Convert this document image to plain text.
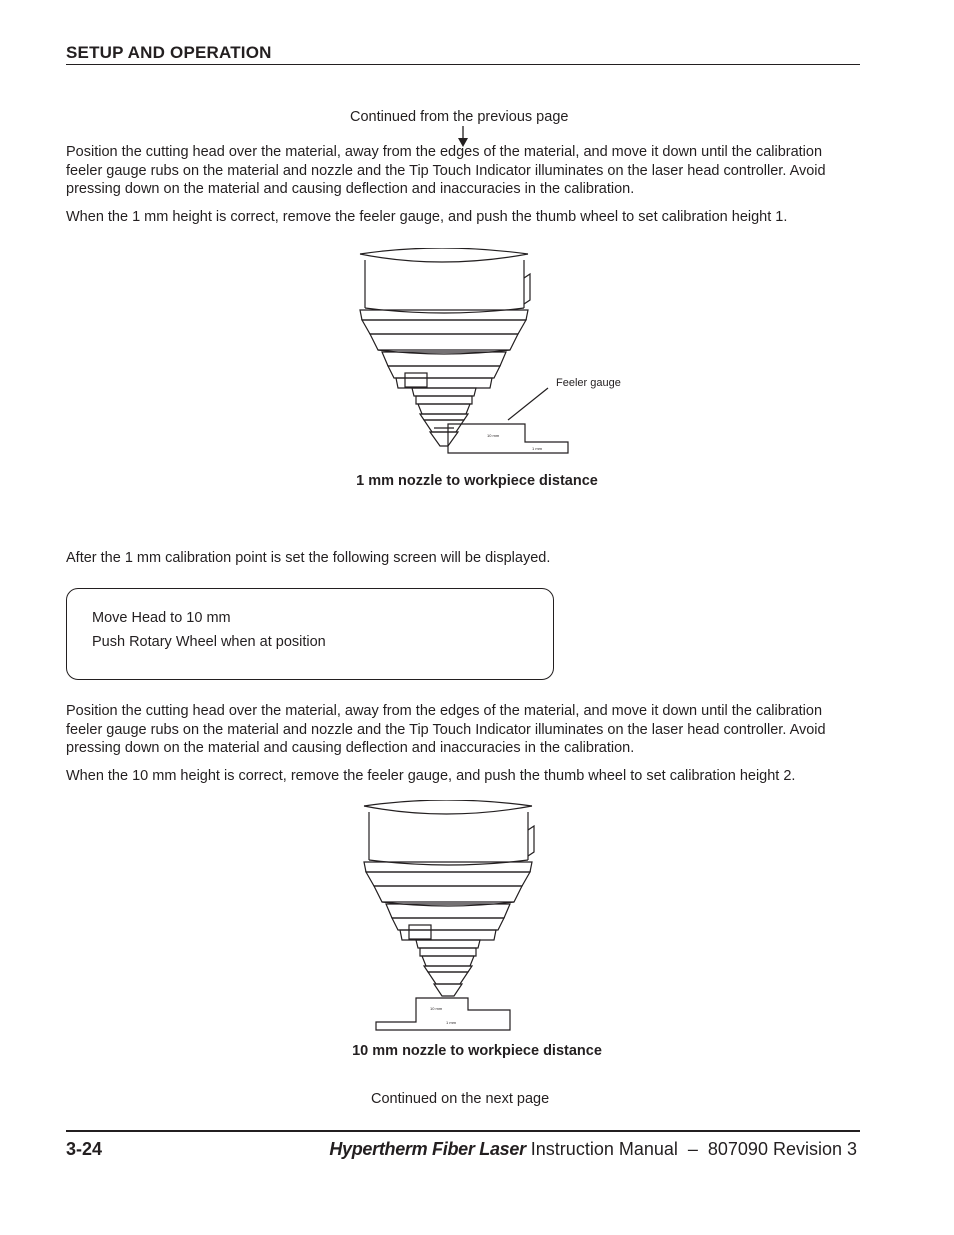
SETUP AND OPERATION
Continued from the previous page
Position the cutting head over the material, away from the edges of the material, and move it down until the calibration feeler gauge rubs on the material and nozzle and the Tip Touch Indicator illuminates on the laser head controller. Avoid pressing down on the material and causing deflection and inaccuracies in the calibration.
When the 1 mm height is correct, remove the feeler gauge, and push the thumb wheel to set calibration height 1.
10 mm
1 mm
Feeler gauge
1 mm nozzle to workpiece distance
After the 1 mm calibration point is set the following screen will be displayed.
Move Head to 10 mm
Push Rotary Wheel when at position
Position the cutting head over the material, away from the edges of the material, and move it down until the calibration feeler gauge rubs on the material and nozzle and the Tip Touch Indicator illuminates on the laser head controller. Avoid pressing down on the material and causing deflection and inaccuracies in the calibration.
When the 10 mm height is correct, remove the feeler gauge, and push the thumb wheel to set calibration height 2.
10 mm
1 mm
10 mm nozzle to workpiece distance
Continued on the next page
3-24	Hypertherm Fiber Laser Instruction Manual  –  807090 Revision 3
